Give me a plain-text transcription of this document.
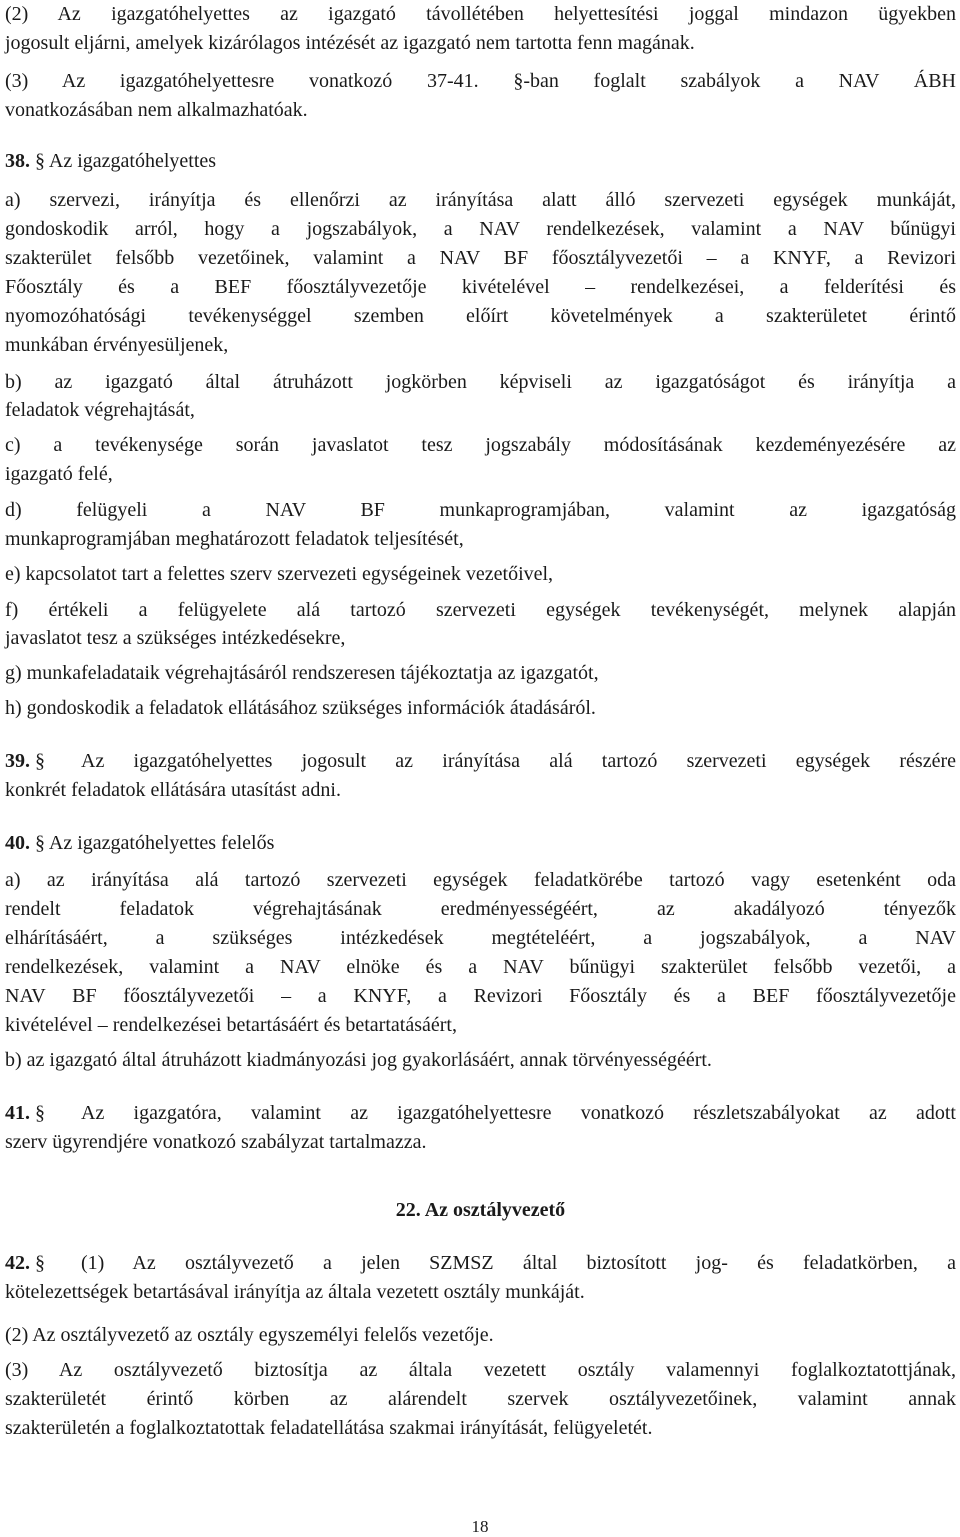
(2) Az igazgatóhelyettes az igazgató távollétében helyettesítési joggal mindazon ügyekben
jogosult eljárni, amelyek kizárólagos intézését az igazgató nem tartotta fenn magának.
(3) Az igazgatóhelyettesre vonatkozó 37-41. §-ban foglalt szabályok a NAV ÁBH
vonatkozásában nem alkalmazhatóak.
38. § Az igazgatóhelyettes
a) szervezi, irányítja és ellenőrzi az irányítása alatt álló szervezeti egységek munkáját,
gondoskodik arról, hogy a jogszabályok, a NAV rendelkezések, valamint a NAV bűnügyi
szakterület felsőbb vezetőinek, valamint a NAV BF főosztályvezetői – a KNYF, a Revizori
Főosztály és a BEF főosztályvezetője kivételével – rendelkezései, a felderítési és
nyomozóhatósági tevékenységgel szemben előírt követelmények a szakterületet érintő
munkában érvényesüljenek,
b) az igazgató által átruházott jogkörben képviseli az igazgatóságot és irányítja a
feladatok végrehajtását,
c) a tevékenysége során javaslatot tesz jogszabály módosításának kezdeményezésére az
igazgató felé,
d) felügyeli a NAV BF munkaprogramjában, valamint az igazgatóság
munkaprogramjában meghatározott feladatok teljesítését,
e) kapcsolatot tart a felettes szerv szervezeti egységeinek vezetőivel,
f) értékeli a felügyelete alá tartozó szervezeti egységek tevékenységét, melynek alapján
javaslatot tesz a szükséges intézkedésekre,
g) munkafeladataik végrehajtásáról rendszeresen tájékoztatja az igazgatót,
h) gondoskodik a feladatok ellátásához szükséges információk átadásáról.
39. § Az igazgatóhelyettes jogosult az irányítása alá tartozó szervezeti egységek részére
konkrét feladatok ellátására utasítást adni.
40. § Az igazgatóhelyettes felelős
a) az irányítása alá tartozó szervezeti egységek feladatkörébe tartozó vagy esetenként oda
rendelt feladatok végrehajtásának eredményességéért, az akadályozó tényezők
elhárításáért, a szükséges intézkedések megtételéért, a jogszabályok, a NAV
rendelkezések, valamint a NAV elnöke és a NAV bűnügyi szakterület felsőbb vezetői, a
NAV BF főosztályvezetői – a KNYF, a Revizori Főosztály és a BEF főosztályvezetője
kivételével – rendelkezései betartásáért és betartatásáért,
b) az igazgató által átruházott kiadmányozási jog gyakorlásáért, annak törvényességéért.
41. § Az igazgatóra, valamint az igazgatóhelyettesre vonatkozó részletszabályokat az adott
szerv ügyrendjére vonatkozó szabályzat tartalmazza.
22. Az osztályvezető
42. § (1) Az osztályvezető a jelen SZMSZ által biztosított jog- és feladatkörben, a
kötelezettségek betartásával irányítja az általa vezetett osztály munkáját.
(2) Az osztályvezető az osztály egyszemélyi felelős vezetője.
(3) Az osztályvezető biztosítja az általa vezetett osztály valamennyi foglalkoztatottjának,
szakterületét érintő körben az alárendelt szervek osztályvezetőinek, valamint annak
szakterületén a foglalkoztatottak feladatellátása szakmai irányítását, felügyeletét.
18
